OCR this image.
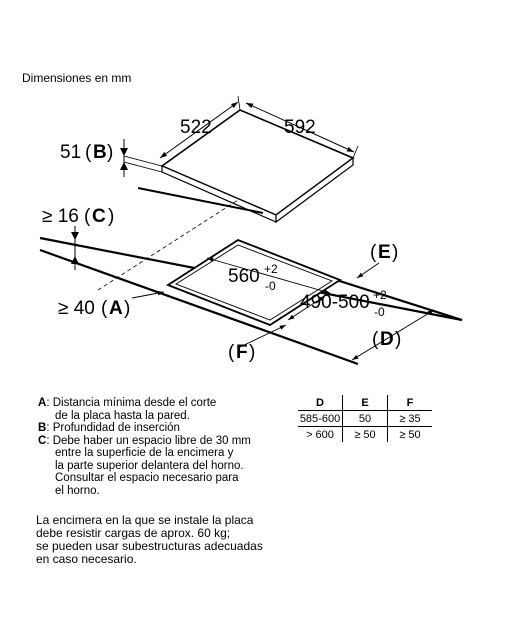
Dimensiones en mm
522	592
51 ( B )
≥ 16 ( C )
560 +2
-0
490-500 +2
-0
≥ 40 ( A )
( E )
( D )
( F )
A: Distancia mínima desde el corte
de la placa hasta la pared.
B: Profundidad de inserción
C: Debe haber un espacio libre de 30 mm
entre la superficie de la encimera y
la parte superior delantera del horno.
Consultar el espacio necesario para
el horno.
D	E	F
585-600	50	≥ 35
> 600	≥ 50	≥ 50
La encimera en la que se instale la placa
debe resistir cargas de aprox. 60 kg;
se pueden usar subestructuras adecuadas
en caso necesario.
